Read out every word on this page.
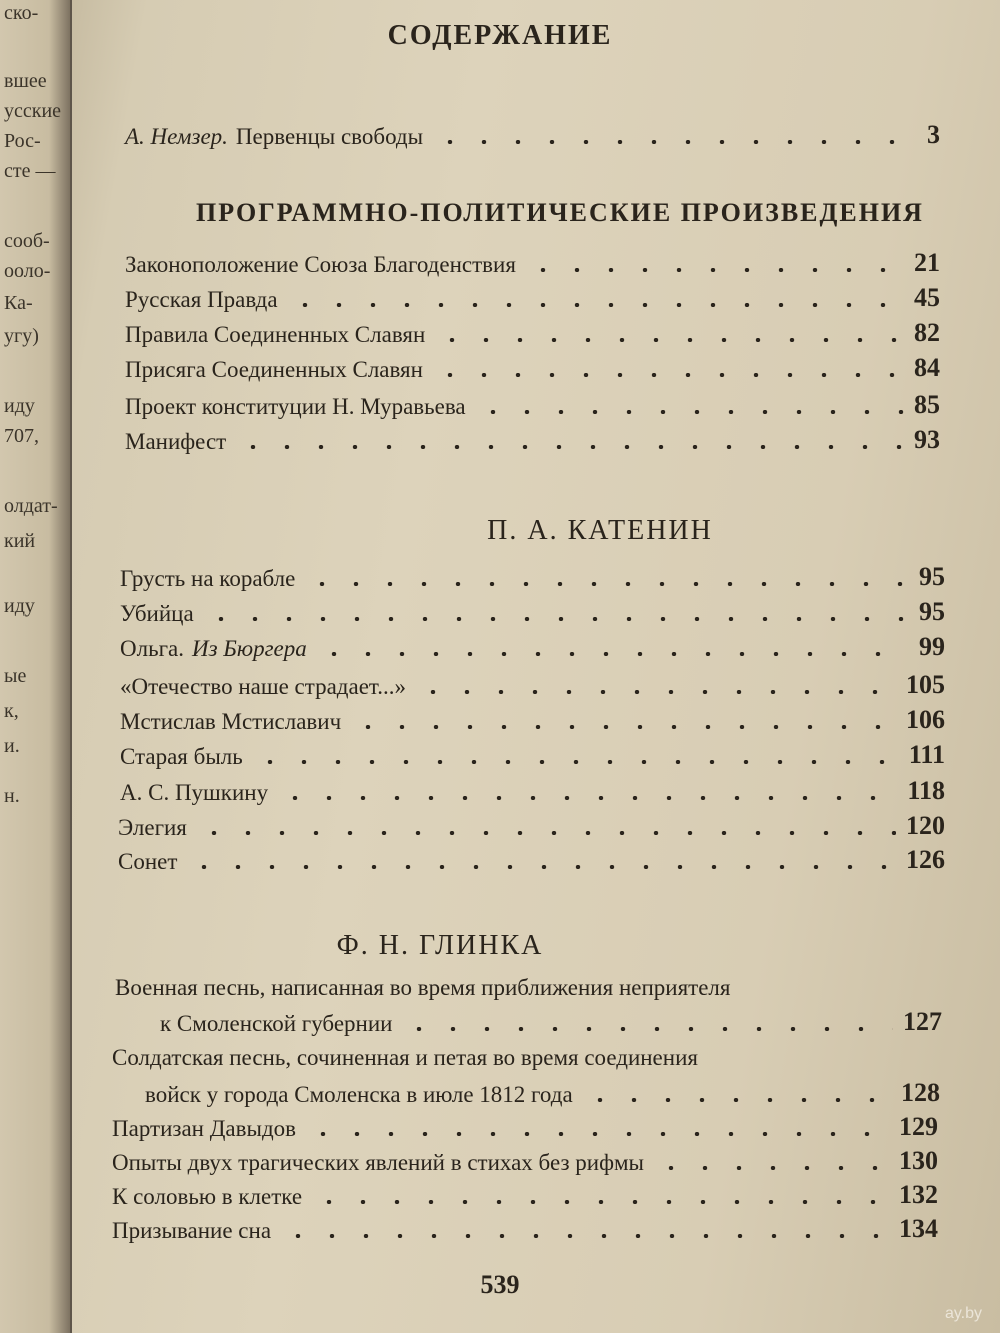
ско-
вшее
усские
Рос-
сте —
сооб-
ооло-
Ка-
угу)
иду
707,
олдат-
кий
иду
ые
к,
и.
н.
СОДЕРЖАНИЕ
А. Немзер. Первенцы свободы	3
ПРОГРАММНО-ПОЛИТИЧЕСКИЕ ПРОИЗВЕДЕНИЯ
Законоположение Союза Благоденствия	21
Русская Правда	45
Правила Соединенных Славян	82
Присяга Соединенных Славян	84
Проект конституции Н. Муравьева	85
Манифест	93
П. А. КАТЕНИН
Грусть на корабле	95
Убийца	95
Ольга. Из Бюргера	99
«Отечество наше страдает...»	105
Мстислав Мстиславич	106
Старая быль	111
А. С. Пушкину	118
Элегия	120
Сонет	126
Ф. Н. ГЛИНКА
Военная песнь, написанная во время приближения неприятеля
к Смоленской губернии	127
Солдатская песнь, сочиненная и петая во время соединения
войск у города Смоленска в июле 1812 года	128
Партизан Давыдов	129
Опыты двух трагических явлений в стихах без рифмы	130
К соловью в клетке	132
Призывание сна	134
539
ay.by
